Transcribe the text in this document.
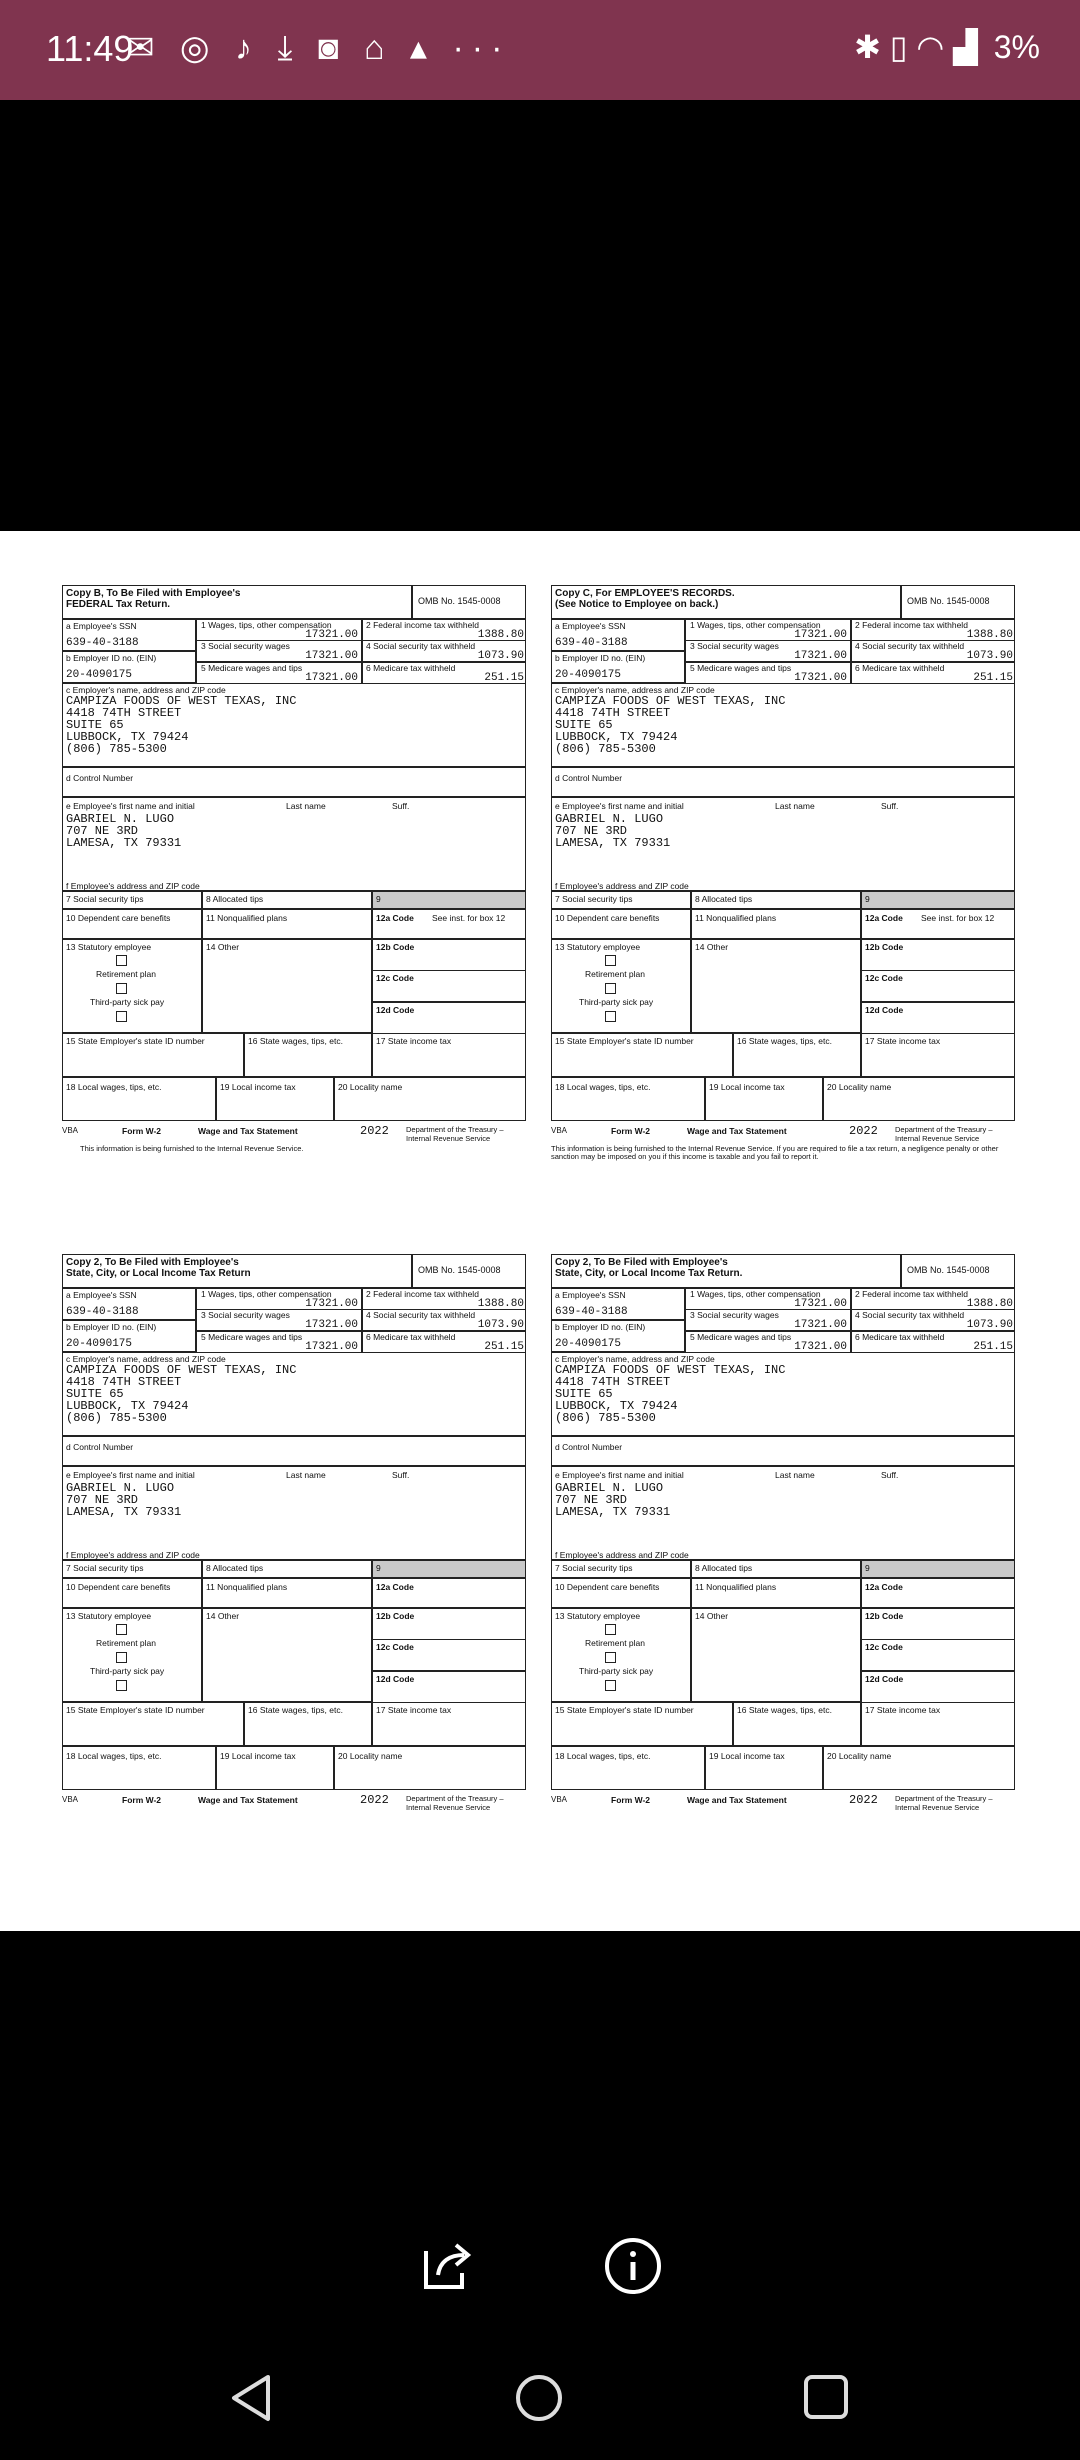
11:49
✉ ◎ ♪ ⤓ ◙ ⌂ ▴ ···	✱ ▯ ◠ ▟ 3%
Copy B, To Be Filed with Employee's
FEDERAL Tax Return.	OMB No. 1545-0008
a Employee's SSN
639-40-3188
b Employer ID no. (EIN)
20-4090175
1 Wages, tips, other compensation
17321.00
2 Federal income tax withheld
1388.80
3 Social security wages
17321.00
4 Social security tax withheld
1073.90
5 Medicare wages and tips
17321.00
6 Medicare tax withheld
251.15
c Employer's name, address and ZIP code
CAMPIZA FOODS OF WEST TEXAS, INC
4418 74TH STREET
SUITE 65
LUBBOCK, TX 79424
(806) 785-5300
d Control Number
e Employee's first name and initial	Last name	Suff.
GABRIEL N. LUGO
707 NE 3RD
LAMESA, TX 79331
f Employee's address and ZIP code
7 Social security tips	8 Allocated tips	9
10 Dependent care benefits	11 Nonqualified plans	12a Code See inst. for box 12
13 Statutory employee
Retirement plan
Third-party sick pay
14 Other	12b Code
12c Code
12d Code
15 State Employer's state ID number	16 State wages, tips, etc.	17 State income tax
18 Local wages, tips, etc.	19 Local income tax	20 Locality name
VBA	Form W-2	Wage and Tax Statement	2022 Department of the Treasury –
Internal Revenue Service
This information is being furnished to the Internal Revenue Service.
Copy C, For EMPLOYEE'S RECORDS.
(See Notice to Employee on back.)	OMB No. 1545-0008
a Employee's SSN
639-40-3188
b Employer ID no. (EIN)
20-4090175
1 Wages, tips, other compensation
17321.00
2 Federal income tax withheld
1388.80
3 Social security wages
17321.00
4 Social security tax withheld
1073.90
5 Medicare wages and tips
17321.00
6 Medicare tax withheld
251.15
c Employer's name, address and ZIP code
CAMPIZA FOODS OF WEST TEXAS, INC
4418 74TH STREET
SUITE 65
LUBBOCK, TX 79424
(806) 785-5300
d Control Number
e Employee's first name and initial	Last name	Suff.
GABRIEL N. LUGO
707 NE 3RD
LAMESA, TX 79331
f Employee's address and ZIP code
7 Social security tips	8 Allocated tips	9
10 Dependent care benefits	11 Nonqualified plans	12a Code See inst. for box 12
13 Statutory employee
Retirement plan
Third-party sick pay
14 Other	12b Code
12c Code
12d Code
15 State Employer's state ID number	16 State wages, tips, etc.	17 State income tax
18 Local wages, tips, etc.	19 Local income tax	20 Locality name
VBA	Form W-2	Wage and Tax Statement	2022 Department of the Treasury –
Internal Revenue Service
This information is being furnished to the Internal Revenue Service. If you are required to file a tax return, a negligence penalty or other sanction may be imposed on you if this income is taxable and you fail to report it.
Copy 2, To Be Filed with Employee's
State, City, or Local Income Tax Return	OMB No. 1545-0008
a Employee's SSN
639-40-3188
b Employer ID no. (EIN)
20-4090175
1 Wages, tips, other compensation
17321.00
2 Federal income tax withheld
1388.80
3 Social security wages
17321.00
4 Social security tax withheld
1073.90
5 Medicare wages and tips
17321.00
6 Medicare tax withheld
251.15
c Employer's name, address and ZIP code
CAMPIZA FOODS OF WEST TEXAS, INC
4418 74TH STREET
SUITE 65
LUBBOCK, TX 79424
(806) 785-5300
d Control Number
e Employee's first name and initial	Last name	Suff.
GABRIEL N. LUGO
707 NE 3RD
LAMESA, TX 79331
f Employee's address and ZIP code
7 Social security tips	8 Allocated tips	9
10 Dependent care benefits	11 Nonqualified plans	12a Code
13 Statutory employee
Retirement plan
Third-party sick pay
14 Other	12b Code
12c Code
12d Code
15 State Employer's state ID number	16 State wages, tips, etc.	17 State income tax
18 Local wages, tips, etc.	19 Local income tax	20 Locality name
VBA	Form W-2	Wage and Tax Statement	2022 Department of the Treasury –
Internal Revenue Service
Copy 2, To Be Filed with Employee's
State, City, or Local Income Tax Return.	OMB No. 1545-0008
a Employee's SSN
639-40-3188
b Employer ID no. (EIN)
20-4090175
1 Wages, tips, other compensation
17321.00
2 Federal income tax withheld
1388.80
3 Social security wages
17321.00
4 Social security tax withheld
1073.90
5 Medicare wages and tips
17321.00
6 Medicare tax withheld
251.15
c Employer's name, address and ZIP code
CAMPIZA FOODS OF WEST TEXAS, INC
4418 74TH STREET
SUITE 65
LUBBOCK, TX 79424
(806) 785-5300
d Control Number
e Employee's first name and initial	Last name	Suff.
GABRIEL N. LUGO
707 NE 3RD
LAMESA, TX 79331
f Employee's address and ZIP code
7 Social security tips	8 Allocated tips	9
10 Dependent care benefits	11 Nonqualified plans	12a Code
13 Statutory employee
Retirement plan
Third-party sick pay
14 Other	12b Code
12c Code
12d Code
15 State Employer's state ID number	16 State wages, tips, etc.	17 State income tax
18 Local wages, tips, etc.	19 Local income tax	20 Locality name
VBA	Form W-2	Wage and Tax Statement	2022 Department of the Treasury –
Internal Revenue Service
